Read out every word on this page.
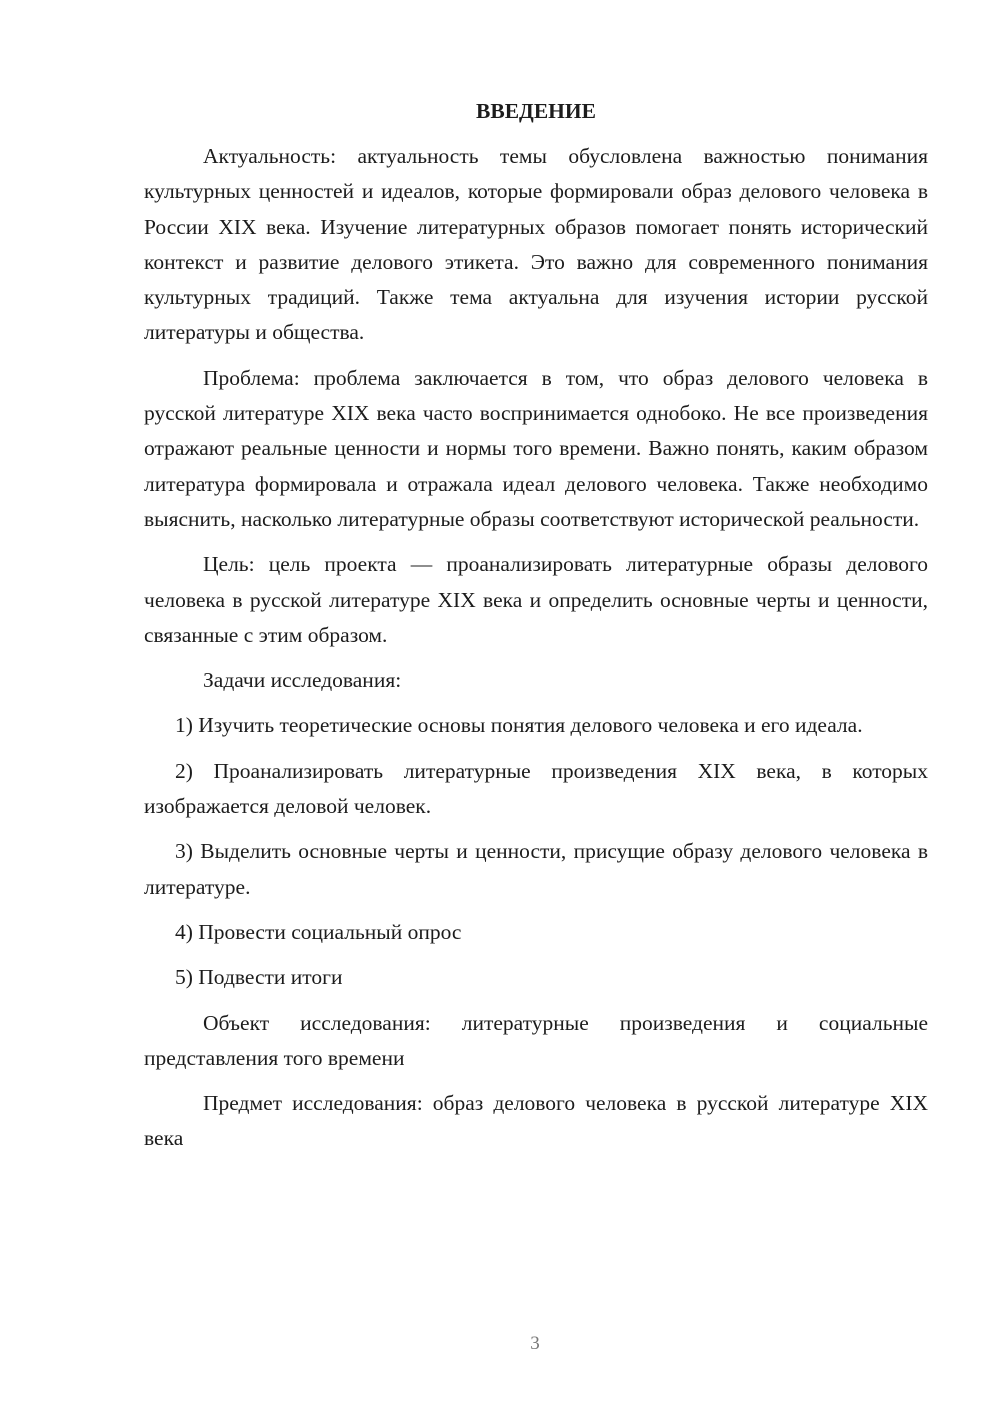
ВВЕДЕНИЕ

Актуальность: актуальность темы обусловлена важностью понимания культурных ценностей и идеалов, которые формировали образ делового человека в России XIX века. Изучение литературных образов помогает понять исторический контекст и развитие делового этикета. Это важно для современного понимания культурных традиций. Также тема актуальна для изучения истории русской литературы и общества.

Проблема: проблема заключается в том, что образ делового человека в русской литературе XIX века часто воспринимается однобоко. Не все произведения отражают реальные ценности и нормы того времени. Важно понять, каким образом литература формировала и отражала идеал делового человека. Также необходимо выяснить, насколько литературные образы соответствуют исторической реальности.

Цель: цель проекта — проанализировать литературные образы делового человека в русской литературе XIX века и определить основные черты и ценности, связанные с этим образом.

Задачи исследования:

1) Изучить теоретические основы понятия делового человека и его идеала.

2) Проанализировать литературные произведения XIX века, в которых изображается деловой человек.

3) Выделить основные черты и ценности, присущие образу делового человека в литературе.

4) Провести социальный опрос

5) Подвести итоги

Объект исследования: литературные произведения и социальные представления того времени

Предмет исследования: образ делового человека в русской литературе XIX века

3
